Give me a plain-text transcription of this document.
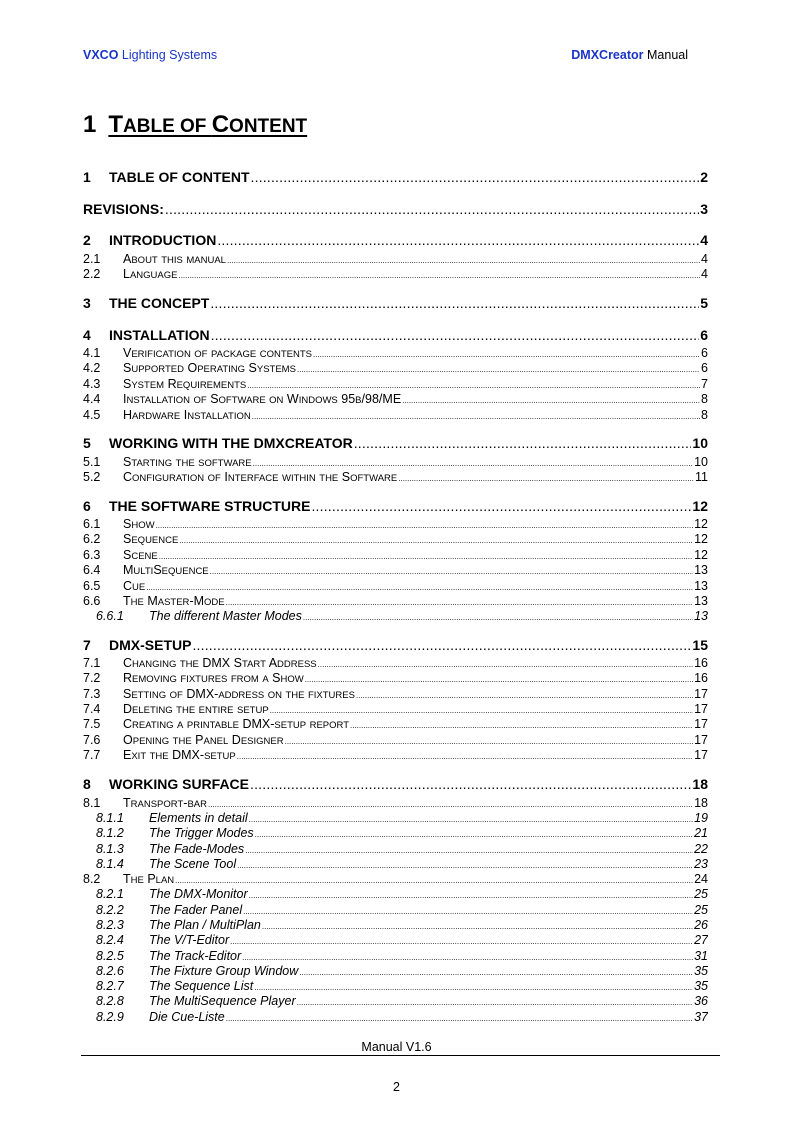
VXCO Lighting Systems	DMXCreator Manual
1 TABLE OF CONTENT
1	TABLE OF CONTENT .....	2
REVISIONS: .....	3
2	INTRODUCTION .....	4
2.1	ABOUT THIS MANUAL .....	4
2.2	LANGUAGE .....	4
3	THE CONCEPT .....	5
4	INSTALLATION .....	6
4.1	VERIFICATION OF PACKAGE CONTENTS .....	6
4.2	SUPPORTED OPERATING SYSTEMS .....	6
4.3	SYSTEM REQUIREMENTS .....	7
4.4	INSTALLATION OF SOFTWARE ON WINDOWS 95B/98/ME .....	8
4.5	HARDWARE INSTALLATION .....	8
5	WORKING WITH THE DMXCREATOR .....	10
5.1	STARTING THE SOFTWARE .....	10
5.2	CONFIGURATION OF INTERFACE WITHIN THE SOFTWARE .....	11
6	THE SOFTWARE STRUCTURE .....	12
6.1	SHOW .....	12
6.2	SEQUENCE .....	12
6.3	SCENE .....	12
6.4	MULTISEQUENCE .....	13
6.5	CUE .....	13
6.6	THE MASTER-MODE .....	13
6.6.1	The different Master Modes .....	13
7	DMX-SETUP .....	15
7.1	CHANGING THE DMX START ADDRESS .....	16
7.2	REMOVING FIXTURES FROM A SHOW .....	16
7.3	SETTING OF DMX-ADDRESS ON THE FIXTURES .....	17
7.4	DELETING THE ENTIRE SETUP .....	17
7.5	CREATING A PRINTABLE DMX-SETUP REPORT .....	17
7.6	OPENING THE PANEL DESIGNER .....	17
7.7	EXIT THE DMX-SETUP .....	17
8	WORKING SURFACE .....	18
8.1	TRANSPORT-BAR .....	18
8.1.1	Elements in detail .....	19
8.1.2	The Trigger Modes .....	21
8.1.3	The Fade-Modes .....	22
8.1.4	The Scene Tool .....	23
8.2	THE PLAN .....	24
8.2.1	The DMX-Monitor .....	25
8.2.2	The Fader Panel .....	25
8.2.3	The Plan / MultiPlan .....	26
8.2.4	The V/T-Editor .....	27
8.2.5	The Track-Editor .....	31
8.2.6	The Fixture Group Window .....	35
8.2.7	The Sequence List .....	35
8.2.8	The MultiSequence Player .....	36
8.2.9	Die Cue-Liste .....	37
Manual V1.6
2
